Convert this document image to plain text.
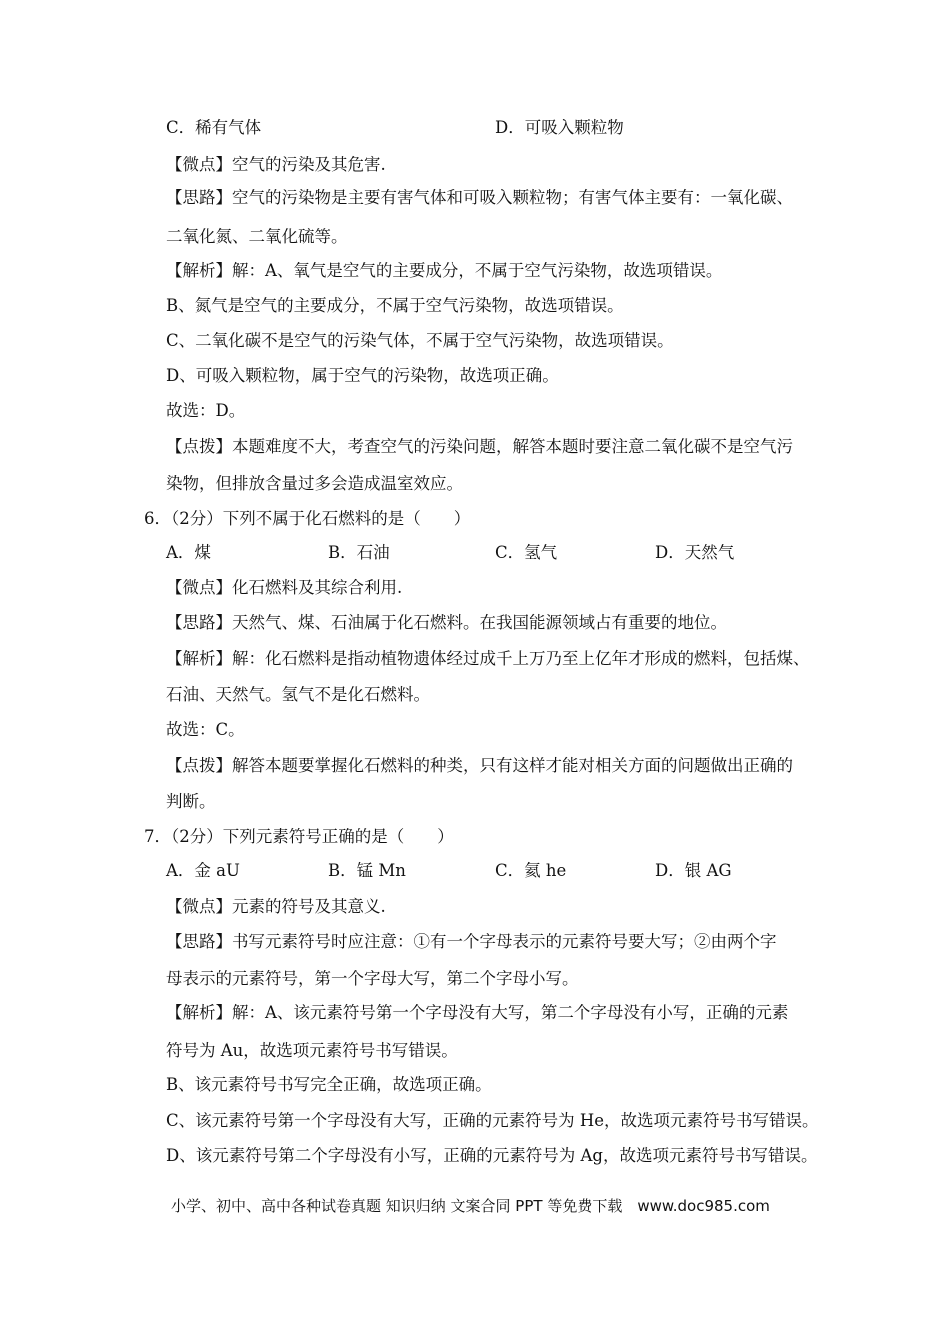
C．稀有气体	D．可吸入颗粒物
【微点】空气的污染及其危害.
【思路】空气的污染物是主要有害气体和可吸入颗粒物；有害气体主要有：一氧化碳、
二氧化氮、二氧化硫等。
【解析】解：A、氧气是空气的主要成分，不属于空气污染物，故选项错误。
B、氮气是空气的主要成分，不属于空气污染物，故选项错误。
C、二氧化碳不是空气的污染气体，不属于空气污染物，故选项错误。
D、可吸入颗粒物，属于空气的污染物，故选项正确。
故选：D。
【点拨】本题难度不大，考查空气的污染问题，解答本题时要注意二氧化碳不是空气污
染物，但排放含量过多会造成温室效应。
6．（2分）下列不属于化石燃料的是（　　）
A．煤	B．石油	C．氢气	D．天然气
【微点】化石燃料及其综合利用.
【思路】天然气、煤、石油属于化石燃料。在我国能源领域占有重要的地位。
【解析】解：化石燃料是指动植物遗体经过成千上万乃至上亿年才形成的燃料，包括煤、
石油、天然气。氢气不是化石燃料。
故选：C。
【点拨】解答本题要掌握化石燃料的种类，只有这样才能对相关方面的问题做出正确的
判断。
7．（2分）下列元素符号正确的是（　　）
A．金 aU	B．锰 Mn	C．氦 he	D．银 AG
【微点】元素的符号及其意义.
【思路】书写元素符号时应注意：①有一个字母表示的元素符号要大写；②由两个字
母表示的元素符号，第一个字母大写，第二个字母小写。
【解析】解：A、该元素符号第一个字母没有大写，第二个字母没有小写，正确的元素
符号为 Au，故选项元素符号书写错误。
B、该元素符号书写完全正确，故选项正确。
C、该元素符号第一个字母没有大写，正确的元素符号为 He，故选项元素符号书写错误。
D、该元素符号第二个字母没有小写，正确的元素符号为 Ag，故选项元素符号书写错误。
小学、初中、高中各种试卷真题 知识归纳 文案合同 PPT 等免费下载　www.doc985.com
